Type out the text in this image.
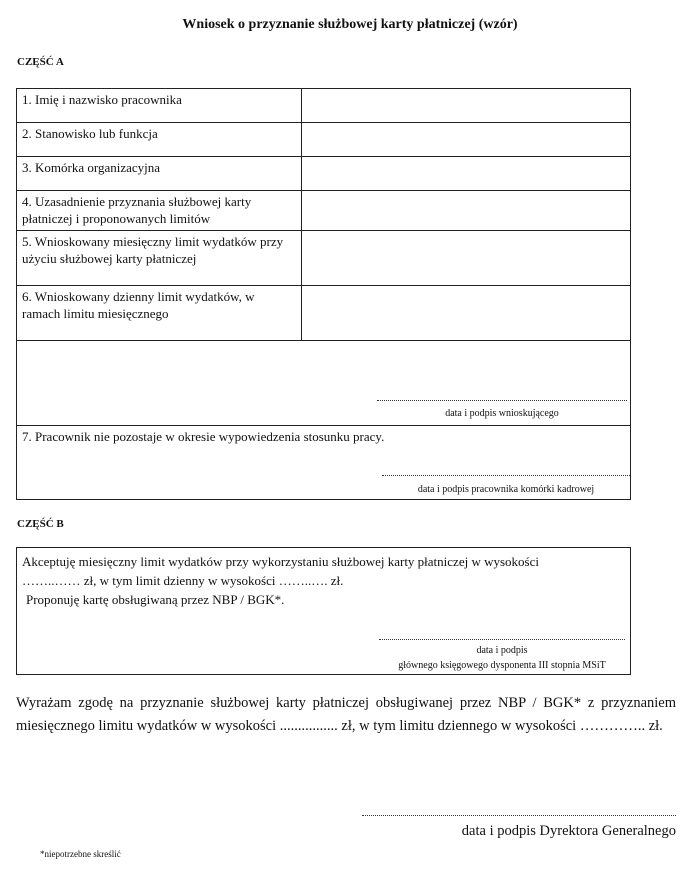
Wniosek o przyznanie służbowej karty płatniczej (wzór)
CZĘŚĆ A
1. Imię i nazwisko pracownika	
2. Stanowisko lub funkcja	
3. Komórka organizacyjna	
4. Uzasadnienie przyznania służbowej karty płatniczej i proponowanych limitów	
5. Wnioskowany miesięczny limit wydatków przy użyciu służbowej karty płatniczej	
6. Wnioskowany dzienny limit wydatków, w ramach limitu miesięcznego	

data i podpis wnioskującego	

7. Pracownik nie pozostaje w okresie wypowiedzenia stosunku pracy.
data i podpis pracownika komórki kadrowej	
CZĘŚĆ B

Akceptuję miesięczny limit wydatków przy wykorzystaniu służbowej karty płatniczej w wysokości

……..…… zł, w tym limit dzienny w wysokości ……..…. zł.

Proponuję kartę obsługiwaną przez NBP / BGK*.

data i podpis
głównego księgowego dysponenta III stopnia MSiT
Wyrażam zgodę na przyznanie służbowej karty płatniczej obsługiwanej przez NBP / BGK* z przyznaniem miesięcznego limitu wydatków w wysokości ................ zł, w tym limitu dziennego w wysokości ………….. zł.
data i podpis Dyrektora Generalnego
*niepotrzebne skreślić
